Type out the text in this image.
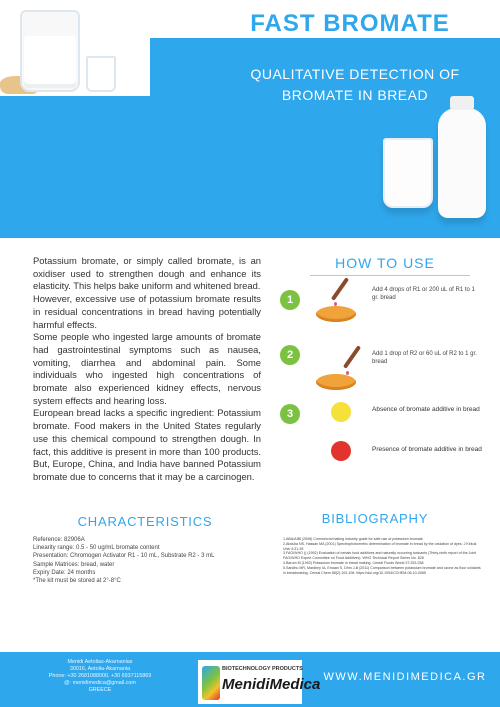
FAST BROMATE
QUALITATIVE DETECTION OF
BROMATE IN BREAD

Potassium bromate, or simply called bromate, is an oxidiser used to strengthen dough and enhance its elasticity. This helps bake uniform and whitened bread.

However, excessive use of potassium bromate results in residual concentrations in bread having potentially harmful effects.

Some people who ingested large amounts of bromate had gastrointestinal symptoms such as nausea, vomiting, diarrhea and abdominal pain. Some individuals who ingested high concentrations of bromate also experienced kidney effects, nervous system effects and hearing loss.

European bread lacks a specific ingredient: Potassium bromate. Food makers in the United States regularly use this chemical compound to strengthen dough. In fact, this additive is present in more than 100 products. But, Europe, China, and India have banned Potassium bromate due to concerns that it may be a carcinogen.

HOW TO USE
1
Add 4 drops of R1 or 200 uL of R1 to 1 gr. bread
2	Add 1 drop of R2 or 60 uL of R2 to 1 gr. bread
3	Absence of bromate additive in bread
Presence of bromate additive in bread
CHARACTERISTICS
Reference: 82906A
Linearity range: 0.5 - 50 ug/mL bromate content
Presentation: Chromogen Activator R1 - 10 mL, Substrate R2 - 3 mL
Sample Matrices: bread, water
Expiry Date: 24 months
*The kit must be stored at 2°-8°C
BIBLIOGRAPHY
1.ABA/AIBI (2008) Commercial baking industry guide for safe use of potassium bromate
2.Abdulla NS, Hassan MA (2001) Spectrophotometric determination of bromate in bread by the oxidation of dyes. J Kirkuk Univ 4:31-39
3.FAO/WHO () (1992) Evaluation of certain food additives and naturally occurring toxicants (Thirty-ninth report of the Joint FAO/WHO Expert Committee on Food Additives). WHO Technical Report Series No. 828
4.Barum M (1992) Potassium bromate in bread making. Cereal Foods World 37:253-258
5.Sandhu MR, Mardhey IA, Emaan S, Dhm J-B (2011) Comparison between potassium bromate and ozone as flour oxidants in breadmaking. Cereal Chem 88(2):103-108. https://doi.org/10.1094/CCHEM-06-10-0085
Menidi Aetolias-Akarnanias
30016, Aetolia-Akarnania
Phone: +30 2681088000, +30 6937115869
@: menidimedica@gmail.com
GREECE
BIOTECHNOLOGY PRODUCTS
MenidiMedica WWW.MENIDIMEDICA.GR
